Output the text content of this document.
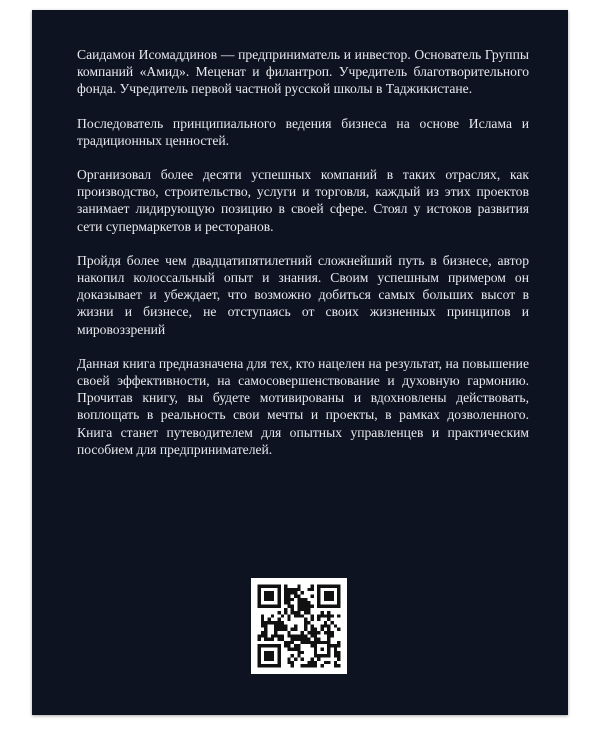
Саидамон Исомаддинов — предприниматель и инвестор. Основатель Группы компаний «Амид». Меценат и филантроп. Учредитель благотворительного фонда. Учредитель первой частной русской школы в Таджикистане.

Последователь принципиального ведения бизнеса на основе Ислама и традиционных ценностей.

Организовал более десяти успешных компаний в таких отраслях, как производство, строительство, услуги и торговля, каждый из этих проектов занимает лидирующую позицию в своей сфере. Стоял у истоков развития сети супермаркетов и ресторанов.

Пройдя более чем двадцатипятилетний сложнейший путь в бизнесе, автор накопил колоссальный опыт и знания. Своим успешным примером он доказывает и убеждает, что возможно добиться самых больших высот в жизни и бизнесе, не отступаясь от своих жизненных принципов и мировоззрений

Данная книга предназначена для тех, кто нацелен на результат, на повышение своей эффективности, на самосовершенствование и духовную гармонию. Прочитав книгу, вы будете мотивированы и вдохновлены действовать, воплощать в реальность свои мечты и проекты, в рамках дозволенного. Книга станет путеводителем для опытных управленцев и практическим пособием для предпринимателей.
